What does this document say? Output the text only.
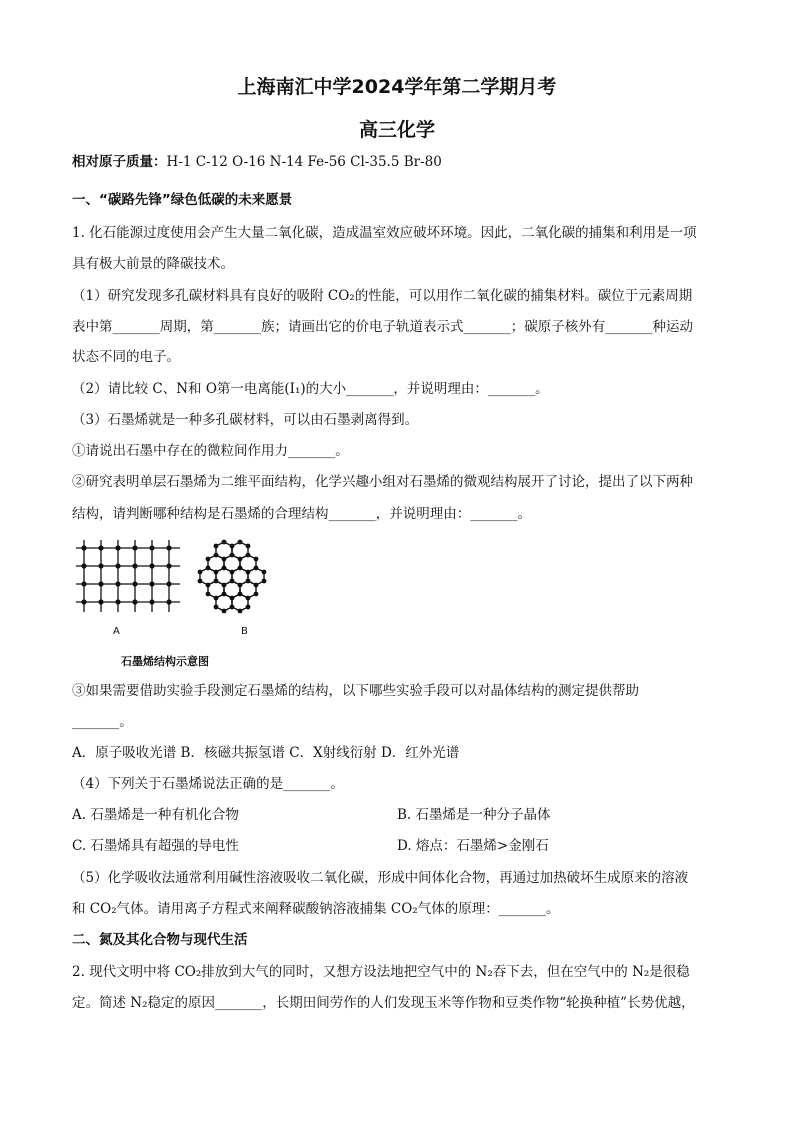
上海南汇中学2024学年第二学期月考
高三化学
相对原子质量：H-1 C-12 O-16 N-14 Fe-56 Cl-35.5 Br-80
一、“碳路先锋”绿色低碳的未来愿景
1. 化石能源过度使用会产生大量二氧化碳，造成温室效应破坏环境。因此，二氧化碳的捕集和利用是一项
具有极大前景的降碳技术。
（1）研究发现多孔碳材料具有良好的吸附 CO₂的性能，可以用作二氧化碳的捕集材料。碳位于元素周期
表中第_______周期，第_______族；请画出它的价电子轨道表示式_______；碳原子核外有_______种运动
状态不同的电子。
（2）请比较 C、N和 O第一电离能(I₁)的大小_______，并说明理由：_______。
（3）石墨烯就是一种多孔碳材料，可以由石墨剥离得到。
①请说出石墨中存在的微粒间作用力_______。
②研究表明单层石墨烯为二维平面结构，化学兴趣小组对石墨烯的微观结构展开了讨论，提出了以下两种
结构，请判断哪种结构是石墨烯的合理结构_______，并说明理由：_______。
A	B
石墨烯结构示意图
③如果需要借助实验手段测定石墨烯的结构，以下哪些实验手段可以对晶体结构的测定提供帮助
_______。
A．原子吸收光谱 B．核磁共振氢谱 C．X射线衍射 D．红外光谱
（4）下列关于石墨烯说法正确的是_______。
A. 石墨烯是一种有机化合物	B. 石墨烯是一种分子晶体
C. 石墨烯具有超强的导电性	D. 熔点：石墨烯>金刚石
（5）化学吸收法通常利用碱性溶液吸收二氧化碳，形成中间体化合物，再通过加热破坏生成原来的溶液
和 CO₂气体。请用离子方程式来阐释碳酸钠溶液捕集 CO₂气体的原理：_______。
二、氮及其化合物与现代生活
2. 现代文明中将 CO₂排放到大气的同时，又想方设法地把空气中的 N₂吞下去，但在空气中的 N₂是很稳
定。简述 N₂稳定的原因_______，长期田间劳作的人们发现玉米等作物和豆类作物“轮换种植”长势优越，
